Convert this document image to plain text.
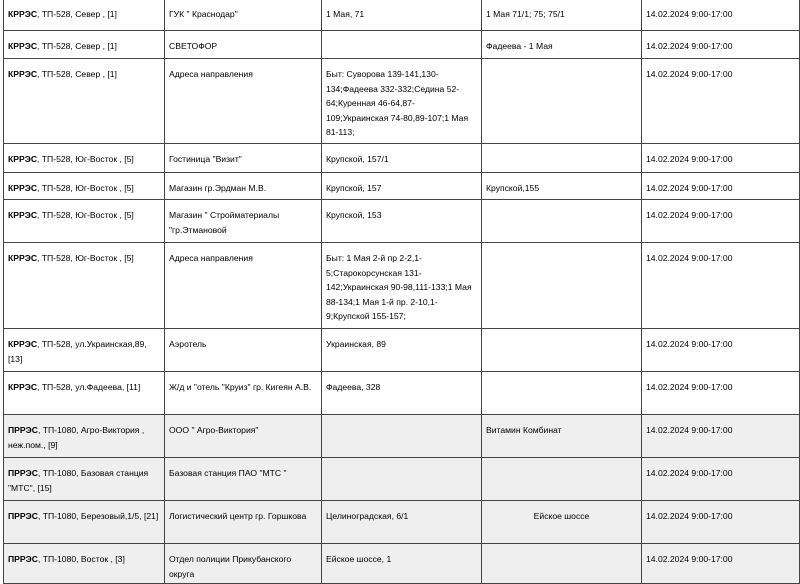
КРРЭС, ТП-528, Север , [1]	ГУК " Краснодар"	1 Мая, 71	1 Мая 71/1; 75; 75/1	14.02.2024 9:00-17:00
КРРЭС, ТП-528, Север , [1]	СВЕТОФОР		Фадеева - 1 Мая	14.02.2024 9:00-17:00
КРРЭС, ТП-528, Север , [1]	Адреса направления	Быт: Суворова 139-141,130-134;Фадеева 332-332;Седина 52-64;Куренная 46-64,87-109;Украинская 74-80,89-107;1 Мая 81-113;		14.02.2024 9:00-17:00
КРРЭС, ТП-528, Юг-Восток , [5]	Гостиница "Визит"	Крупской, 157/1		14.02.2024 9:00-17:00
КРРЭС, ТП-528, Юг-Восток , [5]	Магазин гр.Эрдман М.В.	Крупской, 157	Крупской,155	14.02.2024 9:00-17:00
КРРЭС, ТП-528, Юг-Восток , [5]	Магазин " Стройматериалы "гр.Этмановой	Крупской, 153		14.02.2024 9:00-17:00
КРРЭС, ТП-528, Юг-Восток , [5]	Адреса направления	Быт: 1 Мая 2-й пр 2-2,1-5;Старокорсунская 131-142;Украинская 90-98,111-133;1 Мая 88-134;1 Мая 1-й пр. 2-10,1-9;Крупской 155-157;		14.02.2024 9:00-17:00
КРРЭС, ТП-528, ул.Украинская,89, [13]	Аэротель	Украинская, 89		14.02.2024 9:00-17:00
КРРЭС, ТП-528, ул.Фадеева, [11]	Ж/д и "отель "Круиз" гр. Кигеян А.В.	Фадеева, 328		14.02.2024 9:00-17:00
ПРРЭС, ТП-1080, Агро-Виктория , неж.пом., [9]	ООО " Агро-Виктория"		Витамин Комбинат	14.02.2024 9:00-17:00
ПРРЭС, ТП-1080, Базовая станция "МТС", [15]	Базовая станция ПАО "МТС "			14.02.2024 9:00-17:00
ПРРЭС, ТП-1080, Березовый,1/5, [21]	Логистический центр гр. Горшкова	Целиноградская, 6/1	Ейское шоссе	14.02.2024 9:00-17:00
ПРРЭС, ТП-1080, Восток , [3]	Отдел полиции Прикубанского округа	Ейское шоссе, 1		14.02.2024 9:00-17:00
